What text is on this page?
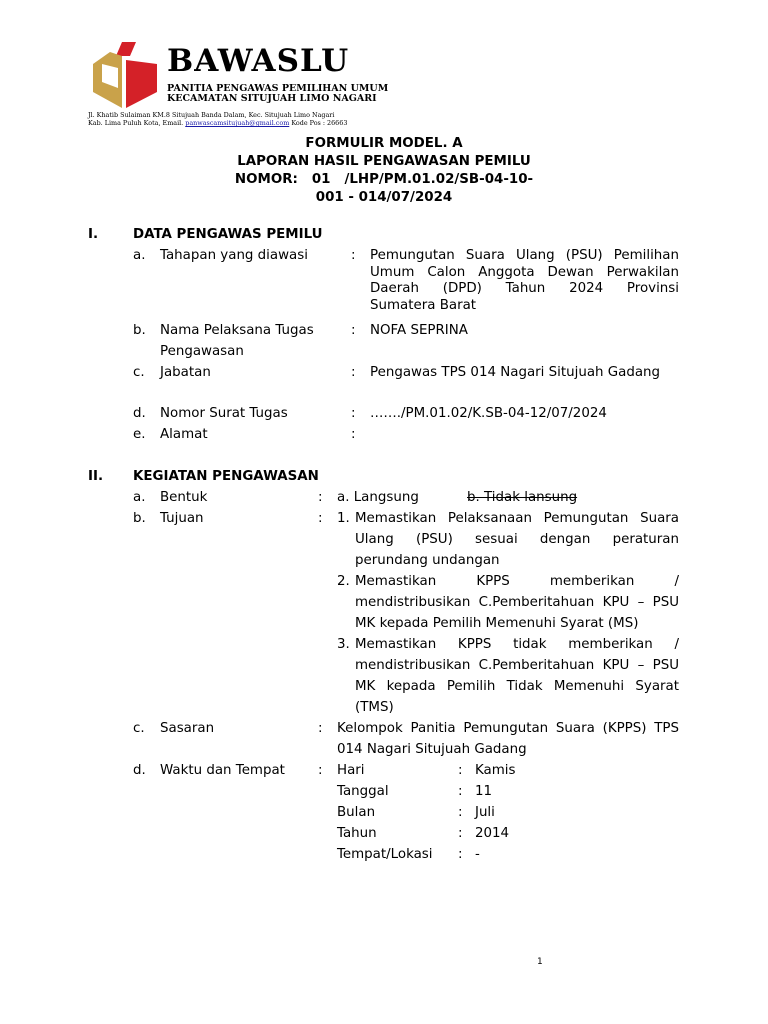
BAWASLU
PANITIA PENGAWAS PEMILIHAN UMUM
KECAMATAN SITUJUAH LIMO NAGARI
Jl. Khatib Sulaiman KM.8 Situjuah Banda Dalam, Kec. Situjuah Limo Nagari
Kab. Lima Puluh Kota, Email. panwascamsitujuah@gmail.com Kode Pos : 26663
FORMULIR MODEL. A
LAPORAN HASIL PENGAWASAN PEMILU
NOMOR:   01   /LHP/PM.01.02/SB-04-10-
001 - 014/07/2024
I.	DATA PENGAWAS PEMILU
a. Tahapan yang diawasi	: Pemungutan Suara Ulang (PSU) Pemilihan
Umum Calon Anggota Dewan Perwakilan
Daerah (DPD) Tahun 2024 Provinsi
Sumatera Barat
b. Nama Pelaksana Tugas
Pengawasan
: NOFA SEPRINA
c. Jabatan	: Pengawas TPS 014 Nagari Situjuah Gadang
d. Nomor Surat Tugas	: ……./PM.01.02/K.SB-04-12/07/2024
e. Alamat	:
II. KEGIATAN PENGAWASAN
a. Bentuk	: a. Langsung	b. Tidak lansung
b. Tujuan	: 1. Memastikan Pelaksanaan Pemungutan Suara
Ulang (PSU) sesuai dengan peraturan
perundang undangan
2. Memastikan KPPS memberikan /
mendistribusikan C.Pemberitahuan KPU – PSU
MK kepada Pemilih Memenuhi Syarat (MS)
3. Memastikan KPPS tidak memberikan /
mendistribusikan C.Pemberitahuan KPU – PSU
MK kepada Pemilih Tidak Memenuhi Syarat
(TMS)
c. Sasaran	: Kelompok Panitia Pemungutan Suara (KPPS) TPS
014 Nagari Situjuah Gadang
d. Waktu dan Tempat : Hari	: Kamis
Tanggal	: 11
Bulan	: Juli
Tahun	: 2014
Tempat/Lokasi : -
1
